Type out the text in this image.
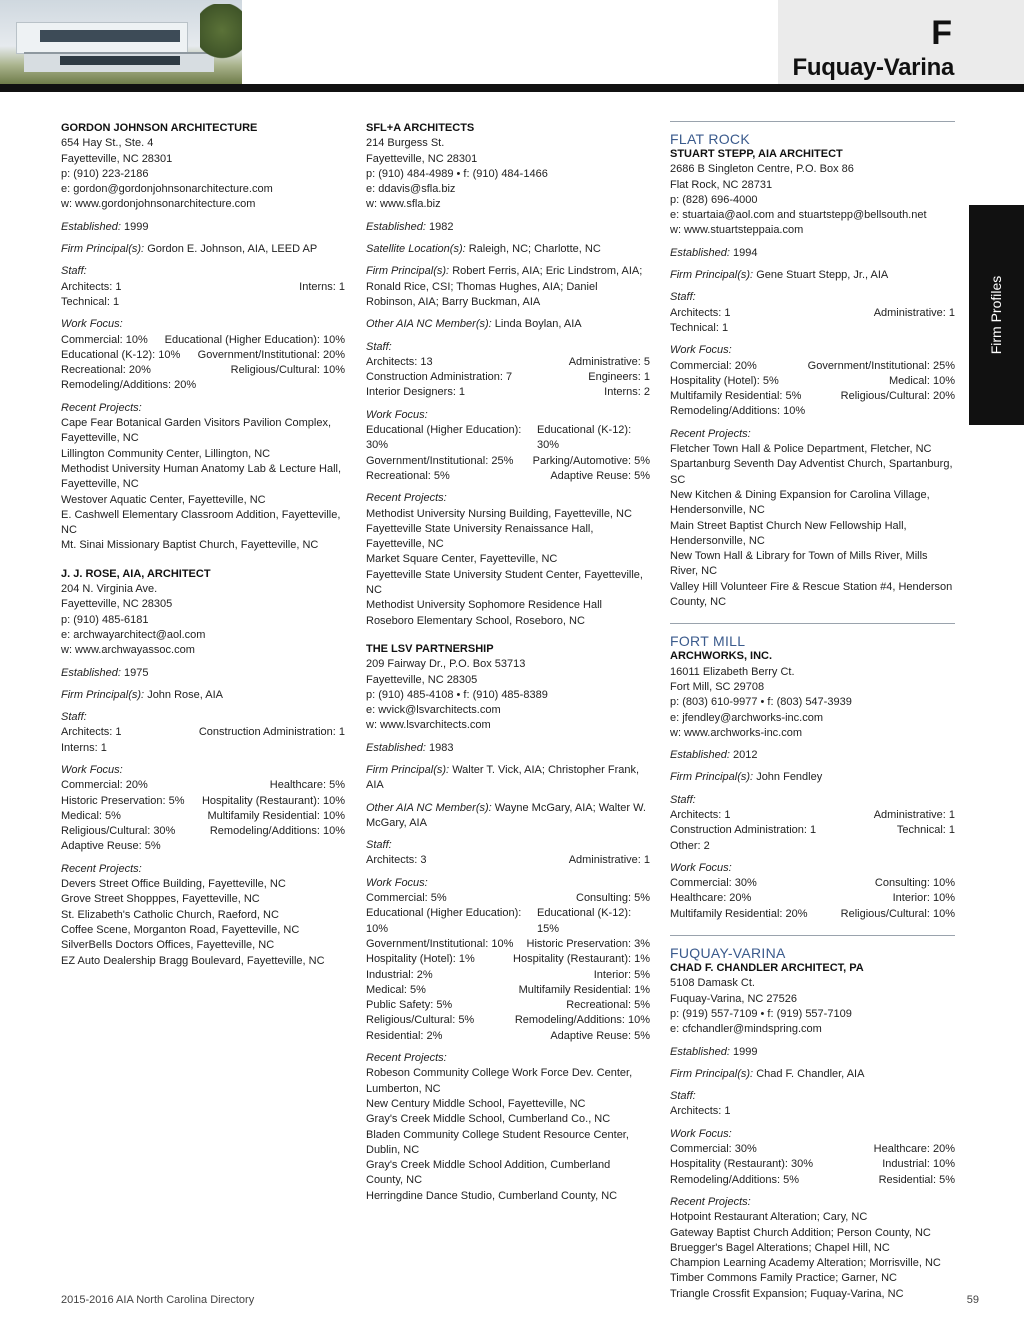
F
Fuquay-Varina
Firm Profiles
GORDON JOHNSON ARCHITECTURE
654 Hay St., Ste. 4
Fayetteville, NC 28301
p: (910) 223-2186
e: gordon@gordonjohnsonarchitecture.com
w: www.gordonjohnsonarchitecture.com
Established: 1999
Firm Principal(s): Gordon E. Johnson, AIA, LEED AP
Staff:
Architects: 1	Interns: 1
Technical: 1
Work Focus:
Commercial: 10% Educational (Higher Education): 10%
Educational (K-12): 10% Government/Institutional: 20%
Recreational: 20%	Religious/Cultural: 10%
Remodeling/Additions: 20%
Recent Projects:
Cape Fear Botanical Garden Visitors Pavilion Complex, Fayetteville, NC
Lillington Community Center, Lillington, NC
Methodist University Human Anatomy Lab & Lecture Hall, Fayetteville, NC
Westover Aquatic Center, Fayetteville, NC
E. Cashwell Elementary Classroom Addition, Fayetteville, NC
Mt. Sinai Missionary Baptist Church, Fayetteville, NC
J. J. ROSE, AIA, ARCHITECT
204 N. Virginia Ave.
Fayetteville, NC 28305
p: (910) 485-6181
e: archwayarchitect@aol.com
w: www.archwayassoc.com
Established: 1975
Firm Principal(s): John Rose, AIA
Staff:
Architects: 1	Construction Administration: 1
Interns: 1
Work Focus:
Commercial: 20%	Healthcare: 5%
Historic Preservation: 5% Hospitality (Restaurant): 10%
Medical: 5%	Multifamily Residential: 10%
Religious/Cultural: 30%	Remodeling/Additions: 10%
Adaptive Reuse: 5%
Recent Projects:
Devers Street Office Building, Fayetteville, NC
Grove Street Shopppes, Fayetteville, NC
St. Elizabeth's Catholic Church, Raeford, NC
Coffee Scene, Morganton Road, Fayetteville, NC
SilverBells Doctors Offices, Fayetteville, NC
EZ Auto Dealership Bragg Boulevard, Fayetteville, NC
SFL+A ARCHITECTS
214 Burgess St.
Fayetteville, NC 28301
p: (910) 484-4989 • f: (910) 484-1466
e: ddavis@sfla.biz
w: www.sfla.biz
Established: 1982
Satellite Location(s): Raleigh, NC; Charlotte, NC
Firm Principal(s): Robert Ferris, AIA; Eric Lindstrom, AIA; Ronald Rice, CSI; Thomas Hughes, AIA; Daniel Robinson, AIA; Barry Buckman, AIA
Other AIA NC Member(s): Linda Boylan, AIA
Staff:
Architects: 13	Administrative: 5
Construction Administration: 7	Engineers: 1
Interior Designers: 1	Interns: 2
Work Focus:
Educational (Higher Education): 30%
Educational (K-12): 30%
Government/Institutional: 25% Parking/Automotive: 5%
Recreational: 5%	Adaptive Reuse: 5%
Recent Projects:
Methodist University Nursing Building, Fayetteville, NC
Fayetteville State University Renaissance Hall, Fayetteville, NC
Market Square Center, Fayetteville, NC
Fayetteville State University Student Center, Fayetteville, NC
Methodist University Sophomore Residence Hall
Roseboro Elementary School, Roseboro, NC
THE LSV PARTNERSHIP
209 Fairway Dr., P.O. Box 53713
Fayetteville, NC 28305
p: (910) 485-4108 • f: (910) 485-8389
e: wvick@lsvarchitects.com
w: www.lsvarchitects.com
Established: 1983
Firm Principal(s): Walter T. Vick, AIA; Christopher Frank, AIA
Other AIA NC Member(s): Wayne McGary, AIA; Walter W. McGary, AIA
Staff:
Architects: 3	Administrative: 1
Work Focus:
Commercial: 5%	Consulting: 5%
Educational (Higher Education): 10%
Educational (K-12): 15%
Government/Institutional: 10% Historic Preservation: 3%
Hospitality (Hotel): 1%	Hospitality (Restaurant): 1%
Industrial: 2%	Interior: 5%
Medical: 5%	Multifamily Residential: 1%
Public Safety: 5%	Recreational: 5%
Religious/Cultural: 5%	Remodeling/Additions: 10%
Residential: 2%	Adaptive Reuse: 5%
Recent Projects:
Robeson Community College Work Force Dev. Center, Lumberton, NC
New Century Middle School, Fayetteville, NC
Gray's Creek Middle School, Cumberland Co., NC
Bladen Community College Student Resource Center, Dublin, NC
Gray's Creek Middle School Addition, Cumberland County, NC
Herringdine Dance Studio, Cumberland County, NC
FLAT ROCK
STUART STEPP, AIA ARCHITECT
2686 B Singleton Centre, P.O. Box 86
Flat Rock, NC 28731
p: (828) 696-4000
e: stuartaia@aol.com and stuartstepp@bellsouth.net
w: www.stuartsteppaia.com
Established: 1994
Firm Principal(s): Gene Stuart Stepp, Jr., AIA
Staff:
Architects: 1	Administrative: 1
Technical: 1
Work Focus:
Commercial: 20%	Government/Institutional: 25%
Hospitality (Hotel): 5%	Medical: 10%
Multifamily Residential: 5%	Religious/Cultural: 20%
Remodeling/Additions: 10%
Recent Projects:
Fletcher Town Hall & Police Department, Fletcher, NC
Spartanburg Seventh Day Adventist Church, Spartanburg, SC
New Kitchen & Dining Expansion for Carolina Village, Hendersonville, NC
Main Street Baptist Church New Fellowship Hall, Hendersonville, NC
New Town Hall & Library for Town of Mills River, Mills River, NC
Valley Hill Volunteer Fire & Rescue Station #4, Henderson County, NC
FORT MILL
ARCHWORKS, INC.
16011 Elizabeth Berry Ct.
Fort Mill, SC 29708
p: (803) 610-9977 • f: (803) 547-3939
e: jfendley@archworks-inc.com
w: www.archworks-inc.com
Established: 2012
Firm Principal(s): John Fendley
Staff:
Architects: 1	Administrative: 1
Construction Administration: 1	Technical: 1
Other: 2
Work Focus:
Commercial: 30%	Consulting: 10%
Healthcare: 20%	Interior: 10%
Multifamily Residential: 20%	Religious/Cultural: 10%
FUQUAY-VARINA
CHAD F. CHANDLER ARCHITECT, PA
5108 Damask Ct.
Fuquay-Varina, NC 27526
p: (919) 557-7109 • f: (919) 557-7109
e: cfchandler@mindspring.com
Established: 1999
Firm Principal(s): Chad F. Chandler, AIA
Staff:
Architects: 1
Work Focus:
Commercial: 30%	Healthcare: 20%
Hospitality (Restaurant): 30%	Industrial: 10%
Remodeling/Additions: 5%	Residential: 5%
Recent Projects:
Hotpoint Restaurant Alteration; Cary, NC
Gateway Baptist Church Addition; Person County, NC
Bruegger's Bagel Alterations; Chapel Hill, NC
Champion Learning Academy Alteration; Morrisville, NC
Timber Commons Family Practice; Garner, NC
Triangle Crossfit Expansion; Fuquay-Varina, NC
2015-2016 AIA North Carolina Directory	59
